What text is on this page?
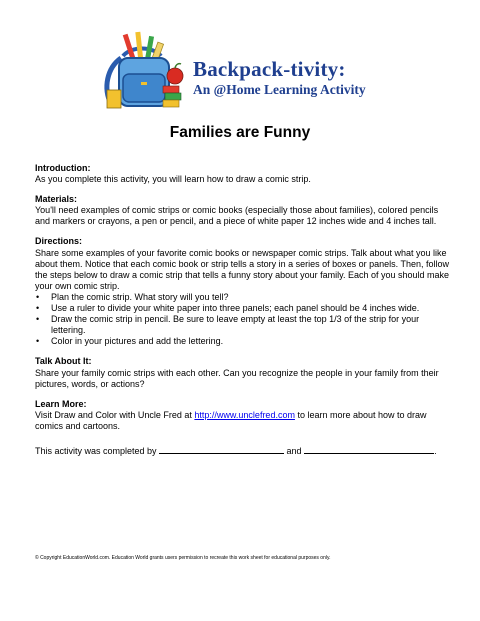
Backpack-tivity:
An @Home Learning Activity
Families are Funny
Introduction:
As you complete this activity, you will learn how to draw a comic strip.
Materials:
You'll need examples of comic strips or comic books (especially those about families), colored pencils and markers or crayons, a pen or pencil, and a piece of white paper 12 inches wide and 4 inches tall.
Directions:
Share some examples of your favorite comic books or newspaper comic strips. Talk about what you like about them. Notice that each comic book or strip tells a story in a series of boxes or panels. Then, follow the steps below to draw a comic strip that tells a funny story about your family. Each of you should make your own comic strip.
• Plan the comic strip. What story will you tell?
• Use a ruler to divide your white paper into three panels; each panel should be 4 inches wide.
• Draw the comic strip in pencil. Be sure to leave empty at least the top 1/3 of the strip for your lettering.
• Color in your pictures and add the lettering.
Talk About It:
Share your family comic strips with each other. Can you recognize the people in your family from their pictures, words, or actions?
Learn More:
Visit Draw and Color with Uncle Fred at http://www.unclefred.com to learn more about how to draw comics and cartoons.
This activity was completed by	and	.
© Copyright EducationWorld.com. Education World grants users permission to recreate this work sheet for educational purposes only.
